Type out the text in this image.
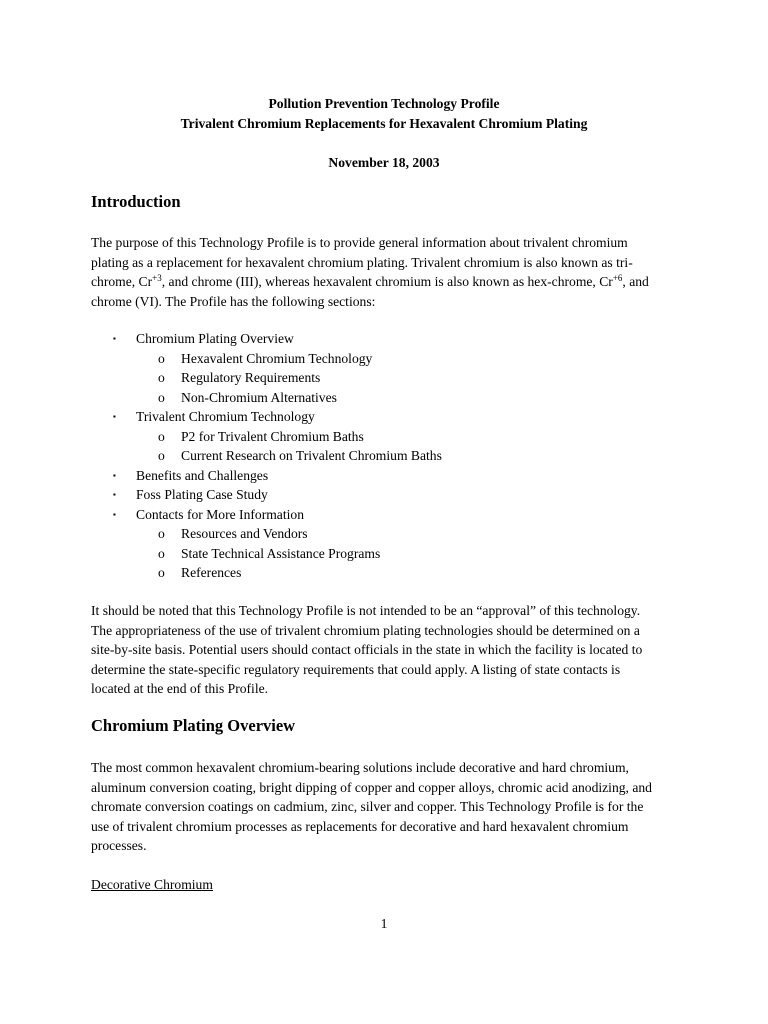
Pollution Prevention Technology Profile
Trivalent Chromium Replacements for Hexavalent Chromium Plating
November 18, 2003
Introduction

The purpose of this Technology Profile is to provide general information about trivalent chromium

plating as a replacement for hexavalent chromium plating. Trivalent chromium is also known as tri-

chrome, $Cr^{+3}$, and chrome (III), whereas hexavalent chromium is also known as hex-chrome, $Cr^{+6}$, and

chrome (VI). The Profile has the following sections:

▪ Chromium Plating Overview
o Hexavalent Chromium Technology
o Regulatory Requirements
o Non-Chromium Alternatives
▪ Trivalent Chromium Technology
o P2 for Trivalent Chromium Baths
o Current Research on Trivalent Chromium Baths
▪ Benefits and Challenges
▪ Foss Plating Case Study
▪ Contacts for More Information
o Resources and Vendors
o State Technical Assistance Programs
o References

It should be noted that this Technology Profile is not intended to be an “approval” of this technology.

The appropriateness of the use of trivalent chromium plating technologies should be determined on a

site-by-site basis. Potential users should contact officials in the state in which the facility is located to

determine the state-specific regulatory requirements that could apply. A listing of state contacts is

located at the end of this Profile.

Chromium Plating Overview

The most common hexavalent chromium-bearing solutions include decorative and hard chromium,

aluminum conversion coating, bright dipping of copper and copper alloys, chromic acid anodizing, and

chromate conversion coatings on cadmium, zinc, silver and copper. This Technology Profile is for the

use of trivalent chromium processes as replacements for decorative and hard hexavalent chromium

processes.

Decorative Chromium
1
